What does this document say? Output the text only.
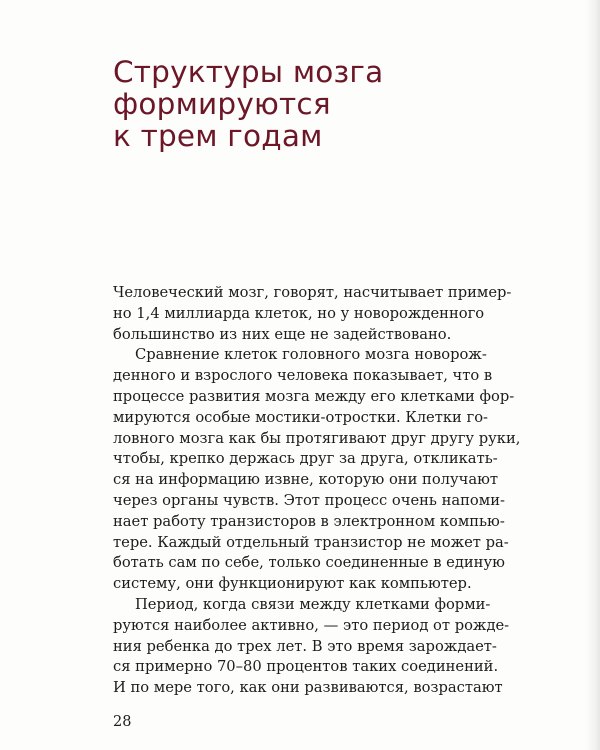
Структуры мозга
формируются
к трем годам
Человеческий мозг, говорят, насчитывает пример-
но 1,4 миллиарда клеток, но у новорожденного
большинство из них еще не задействовано.
Сравнение клеток головного мозга новорож-
денного и взрослого человека показывает, что в
процессе развития мозга между его клетками фор-
мируются особые мостики-отростки. Клетки го-
ловного мозга как бы протягивают друг другу руки,
чтобы, крепко держась друг за друга, откликать-
ся на информацию извне, которую они получают
через органы чувств. Этот процесс очень напоми-
нает работу транзисторов в электронном компью-
тере. Каждый отдельный транзистор не может ра-
ботать сам по себе, только соединенные в единую
систему, они функционируют как компьютер.
Период, когда связи между клетками форми-
руются наиболее активно, — это период от рожде-
ния ребенка до трех лет. В это время зарождает-
ся примерно 70–80 процентов таких соединений.
И по мере того, как они развиваются, возрастают
28
